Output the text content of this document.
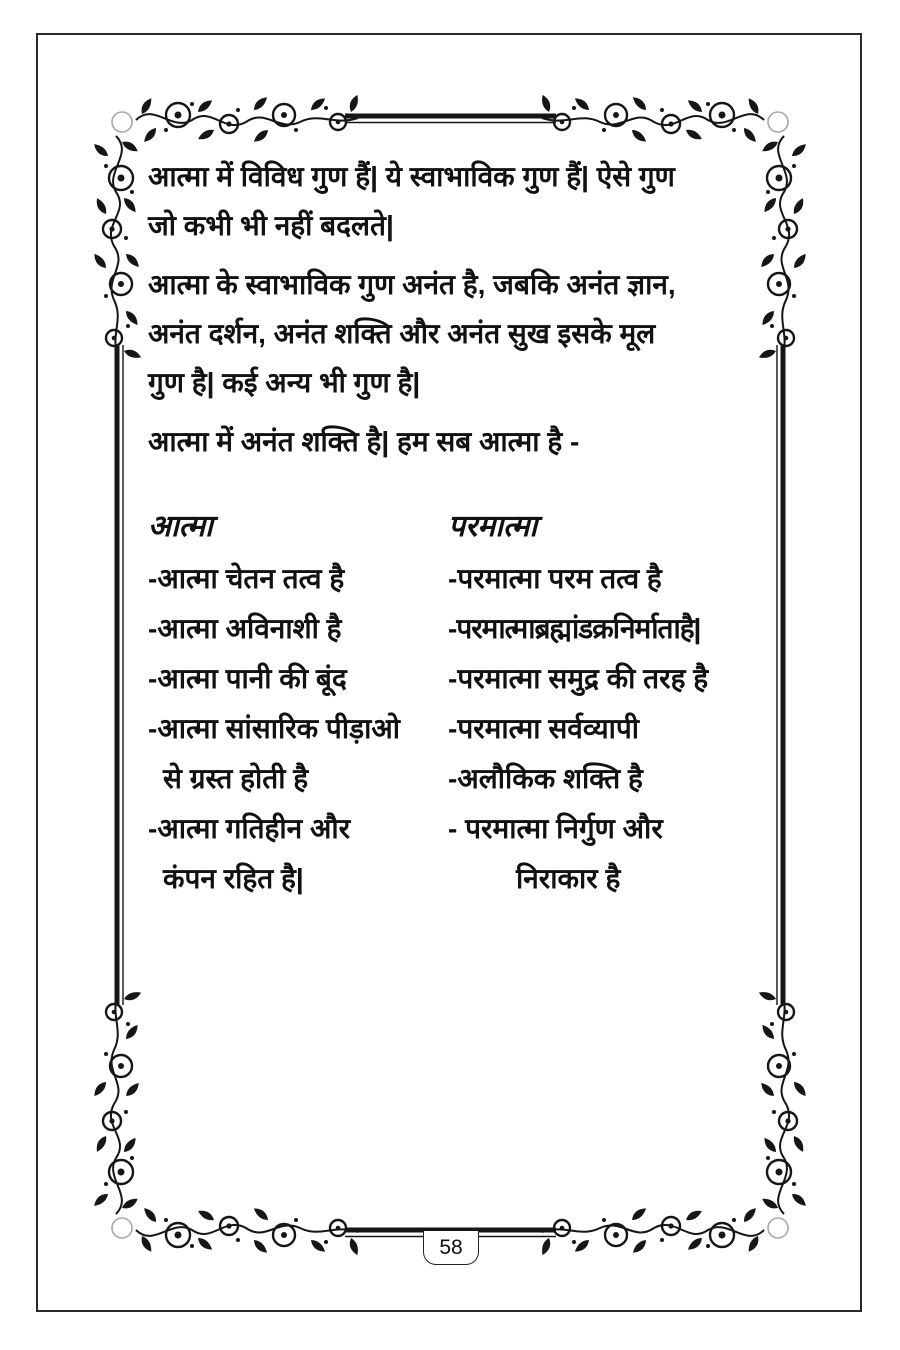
आत्मा में विविध गुण हैं| ये स्वाभाविक गुण हैं| ऐसे गुण
जो कभी भी नहीं बदलते|
आत्मा के स्वाभाविक गुण अनंत है, जबकि अनंत ज्ञान,
अनंत दर्शन, अनंत शक्ति और अनंत सुख इसके मूल
गुण है| कई अन्य भी गुण है|
आत्मा में अनंत शक्ति है| हम सब आत्मा है -
आत्मा	परमात्मा
-आत्मा चेतन तत्व है	-परमात्मा परम तत्व है
-आत्मा अविनाशी है	-परमात्माब्रह्मांडक्रनिर्माताहै|
-आत्मा पानी की बूंद	-परमात्मा समुद्र की तरह है
-आत्मा सांसारिक पीड़ाओ	-परमात्मा सर्वव्यापी
से ग्रस्त होती है	-अलौकिक शक्ति है
-आत्मा गतिहीन और	- परमात्मा निर्गुण और
कंपन रहित है|	निराकार है
58
